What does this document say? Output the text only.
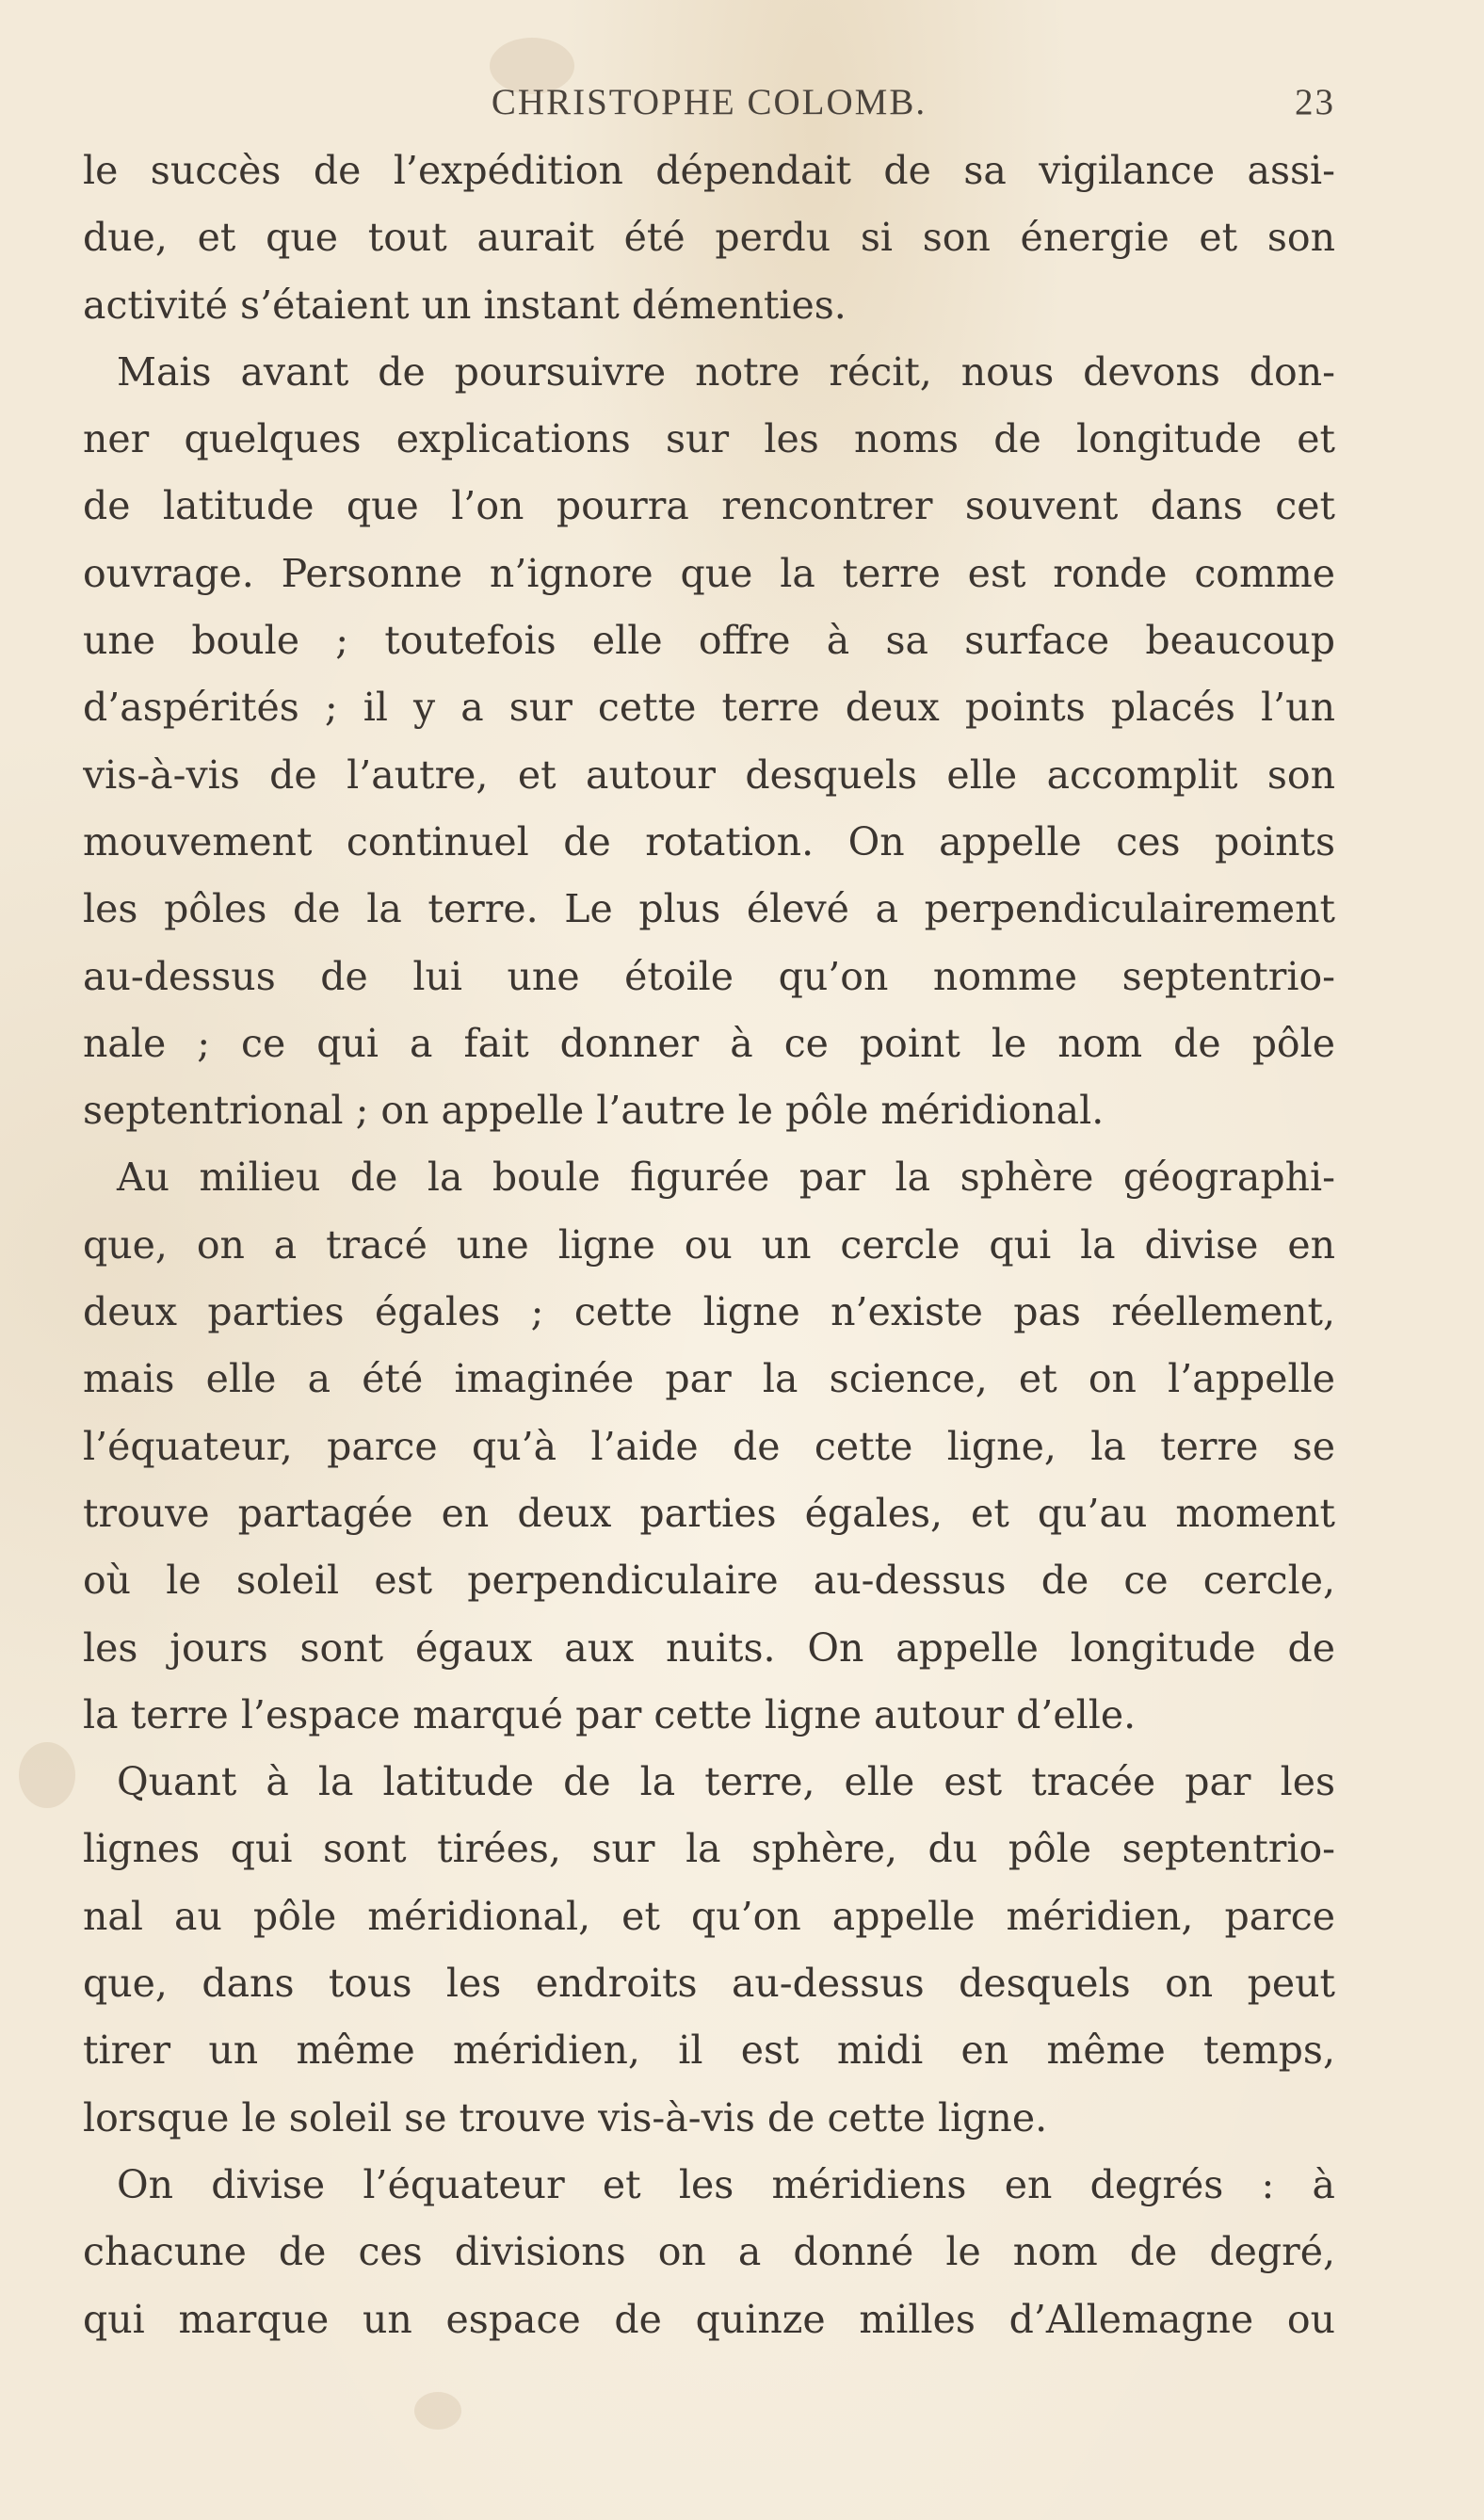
CHRISTOPHE COLOMB.	23
le succès de l’expédition dépendait de sa vigilance assi-
due, et que tout aurait été perdu si son énergie et son
activité s’étaient un instant démenties.
Mais avant de poursuivre notre récit, nous devons don-
ner quelques explications sur les noms de longitude et
de latitude que l’on pourra rencontrer souvent dans cet
ouvrage. Personne n’ignore que la terre est ronde comme
une boule ; toutefois elle offre à sa surface beaucoup
d’aspérités ; il y a sur cette terre deux points placés l’un
vis-à-vis de l’autre, et autour desquels elle accomplit son
mouvement continuel de rotation. On appelle ces points
les pôles de la terre. Le plus élevé a perpendiculairement
au-dessus de lui une étoile qu’on nomme septentrio-
nale ; ce qui a fait donner à ce point le nom de pôle
septentrional ; on appelle l’autre le pôle méridional.
Au milieu de la boule figurée par la sphère géographi-
que, on a tracé une ligne ou un cercle qui la divise en
deux parties égales ; cette ligne n’existe pas réellement,
mais elle a été imaginée par la science, et on l’appelle
l’équateur, parce qu’à l’aide de cette ligne, la terre se
trouve partagée en deux parties égales, et qu’au moment
où le soleil est perpendiculaire au-dessus de ce cercle,
les jours sont égaux aux nuits. On appelle longitude de
la terre l’espace marqué par cette ligne autour d’elle.
Quant à la latitude de la terre, elle est tracée par les
lignes qui sont tirées, sur la sphère, du pôle septentrio-
nal au pôle méridional, et qu’on appelle méridien, parce
que, dans tous les endroits au-dessus desquels on peut
tirer un même méridien, il est midi en même temps,
lorsque le soleil se trouve vis-à-vis de cette ligne.
On divise l’équateur et les méridiens en degrés : à
chacune de ces divisions on a donné le nom de degré,
qui marque un espace de quinze milles d’Allemagne ou
